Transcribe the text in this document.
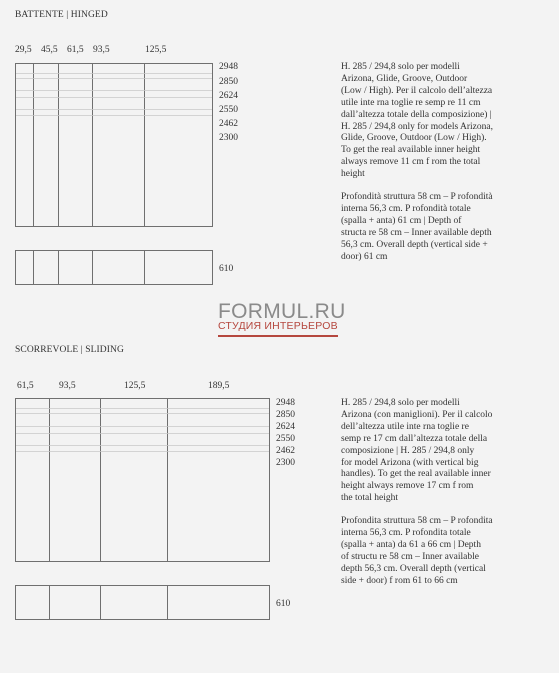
BATTENTE | HINGED
29,5 45,5 61,5 93,5	125,5
2948
2850
2624
2550
2462
2300
610

H. 285 / 294,8 solo per modelli
Arizona, Glide, Groove, Outdoor
(Low / High). Per il calcolo dell’altezza
utile inte rna toglie re semp re 11 cm
dall’altezza totale della composizione) |
H. 285 / 294,8 only for models Arizona,
Glide, Groove, Outdoor (Low / High).
To get the real available inner height
always remove 11 cm f rom the total
height

Profondità struttura 58 cm – P rofondità
interna 56,3 cm. P rofondità totale
(spalla + anta) 61 cm | Depth of
structa re 58 cm – Inner available depth
56,3 cm. Overall depth (vertical side +
door) 61 cm

FORMUL.RU
СТУДИЯ ИНТЕРЬЕРОВ
SCORREVOLE | SLIDING
61,5	93,5	125,5	189,5
2948
2850
2624
2550
2462
2300
610

H. 285 / 294,8 solo per modelli
Arizona (con maniglioni). Per il calcolo
dell’altezza utile inte rna toglie re
semp re 17 cm dall’altezza totale della
composizione | H. 285 / 294,8 only
for model Arizona (with vertical big
handles). To get the real available inner
height always remove 17 cm f rom
the total height

Profondita struttura 58 cm – P rofondita
interna 56,3 cm. P rofondita totale
(spalla + anta) da 61 a 66 cm | Depth
of structu re 58 cm – Inner available
depth 56,3 cm. Overall depth (vertical
side + door) f rom 61 to 66 cm
